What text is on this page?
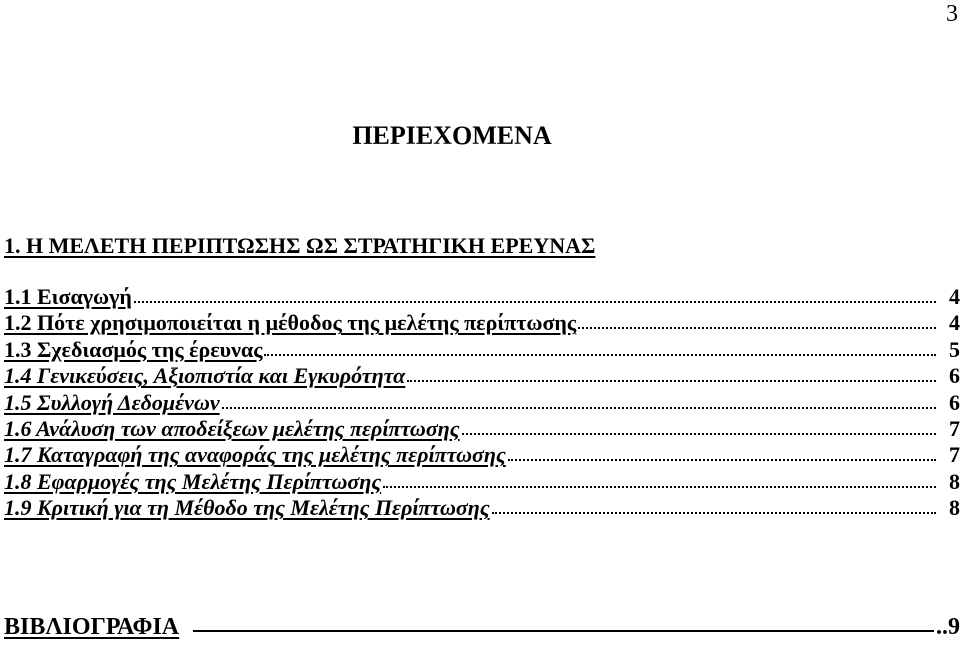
3
ΠΕΡΙΕΧΟΜΕΝΑ
1. Η ΜΕΛΕΤΗ ΠΕΡΙΠΤΩΣΗΣ ΩΣ ΣΤΡΑΤΗΓΙΚΗ ΕΡΕΥΝΑΣ
1.1 Εισαγωγή	4
1.2 Πότε χρησιμοποιείται η μέθοδος της μελέτης περίπτωσης	4
1.3 Σχεδιασμός της έρευνας	5
1.4 Γενικεύσεις, Αξιοπιστία και Εγκυρότητα	6
1.5 Συλλογή Δεδομένων	6
1.6 Ανάλυση των αποδείξεων μελέτης περίπτωσης	7
1.7 Καταγραφή της αναφοράς της μελέτης περίπτωσης	7
1.8 Εφαρμογές της Μελέτης Περίπτωσης	8
1.9 Κριτική για τη Μέθοδο της Μελέτης Περίπτωσης	8
ΒΙΒΛΙΟΓΡΑΦΙΑ	..9
